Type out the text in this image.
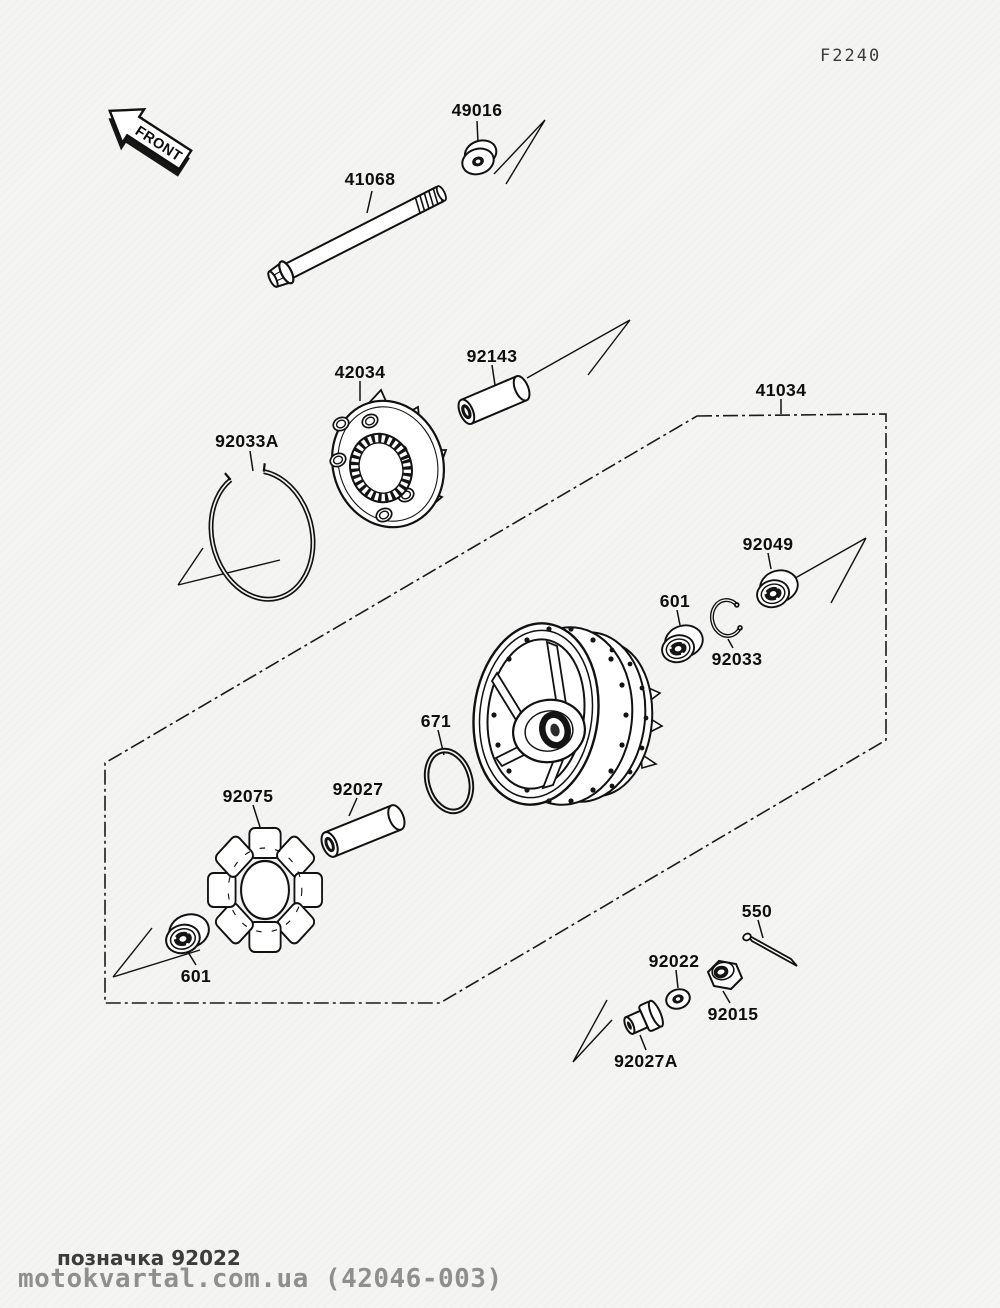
FRONT
F2240
49016
41068
42034
92143
41034
92033A
92049
601
92033
671
92075	92027
601
550
92022
92015
92027A
позначка 92022
motokvartal.com.ua (42046-003)
